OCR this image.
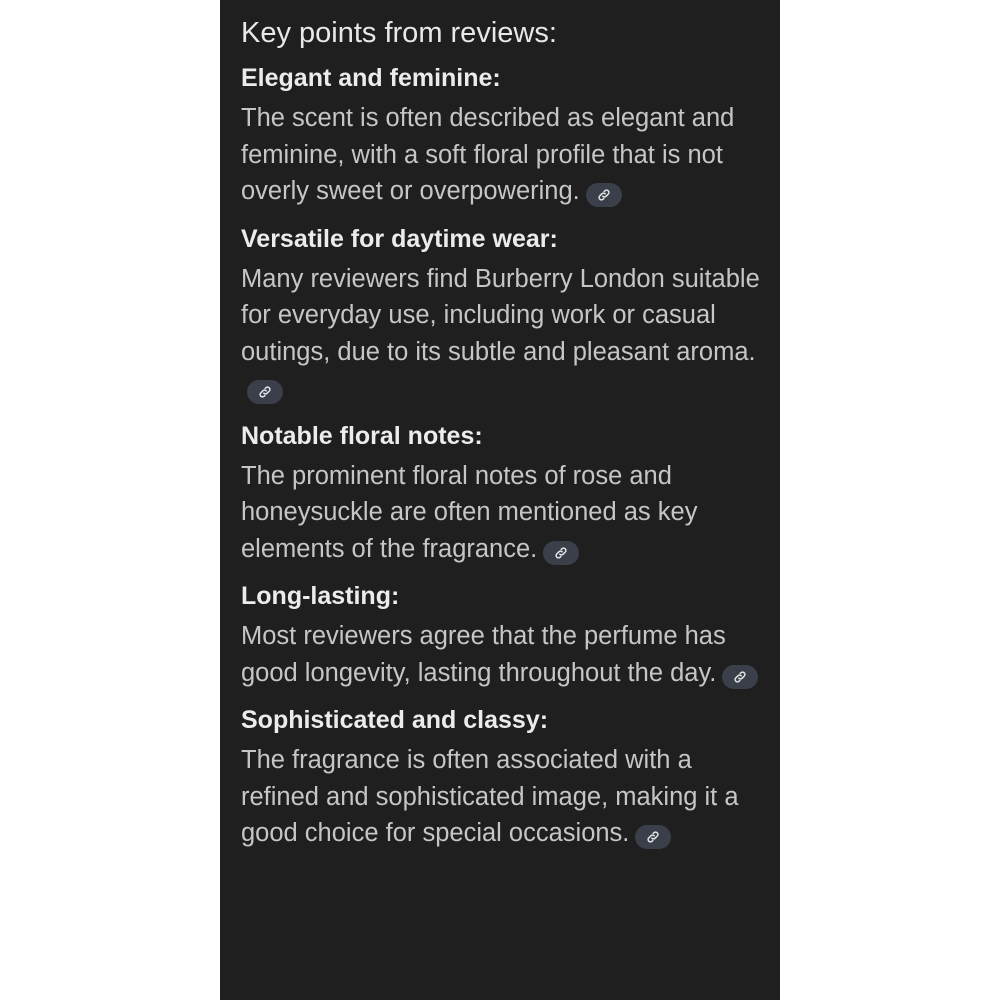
Key points from reviews:
Elegant and feminine:

The scent is often described as elegant and feminine, with a soft floral profile that is not overly sweet or overpowering.

Versatile for daytime wear:

Many reviewers find Burberry London suitable for everyday use, including work or casual outings, due to its subtle and pleasant aroma.

Notable floral notes:

The prominent floral notes of rose and honeysuckle are often mentioned as key elements of the fragrance.

Long-lasting:

Most reviewers agree that the perfume has good longevity, lasting throughout the day.

Sophisticated and classy:

The fragrance is often associated with a refined and sophisticated image, making it a good choice for special occasions.
